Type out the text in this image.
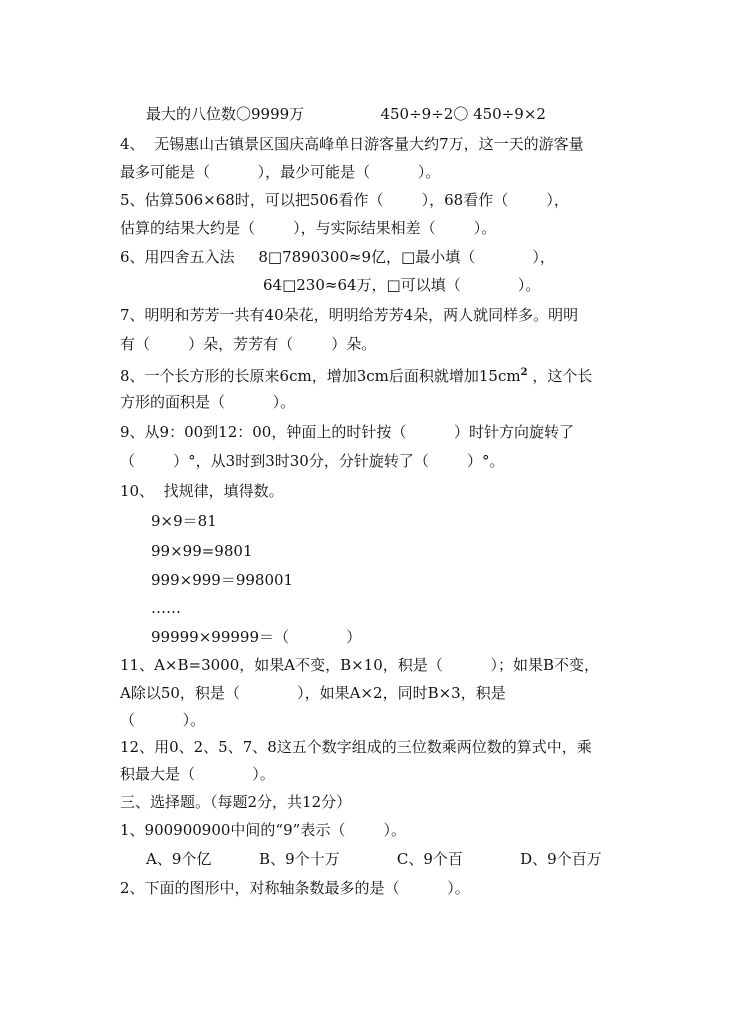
最大的八位数〇9999万                450÷9÷2〇 450÷9×2
4、  无锡惠山古镇景区国庆高峰单日游客量大约7万，这一天的游客量
最多可能是（          ），最少可能是（          ）。
5、估算506×68时，可以把506看作（        ），68看作（        ），
估算的结果大约是（        ），与实际结果相差（        ）。
6、用四舍五入法     8□7890300≈9亿，□最小填（            ），
64□230≈64万，□可以填（            ）。
7、明明和芳芳一共有40朵花，明明给芳芳4朵，两人就同样多。明明
有（        ）朵，芳芳有（        ）朵。
8、一个长方形的长原来6cm，增加3cm后面积就增加$15cm^2$ ，这个长
方形的面积是（          ）。
9、从9：00到12：00，钟面上的时针按（          ）时针方向旋转了
（        ）°，从3时到3时30分，分针旋转了（        ）°。
10、  找规律，填得数。
9×9＝81
99×99=9801
999×999＝998001
……
99999×99999＝（            ）
11、A×B=3000，如果A不变，B×10，积是（          ）；如果B不变，
A除以50，积是（            ），如果A×2，同时B×3，积是
（          ）。
12、用0、2、5、7、8这五个数字组成的三位数乘两位数的算式中，乘
积最大是（            ）。
三、选择题。（每题2分，共12分）
1、900900900中间的“9”表示（        ）。
A、9个亿          B、9个十万            C、9个百            D、9个百万
2、下面的图形中，对称轴条数最多的是（          ）。
